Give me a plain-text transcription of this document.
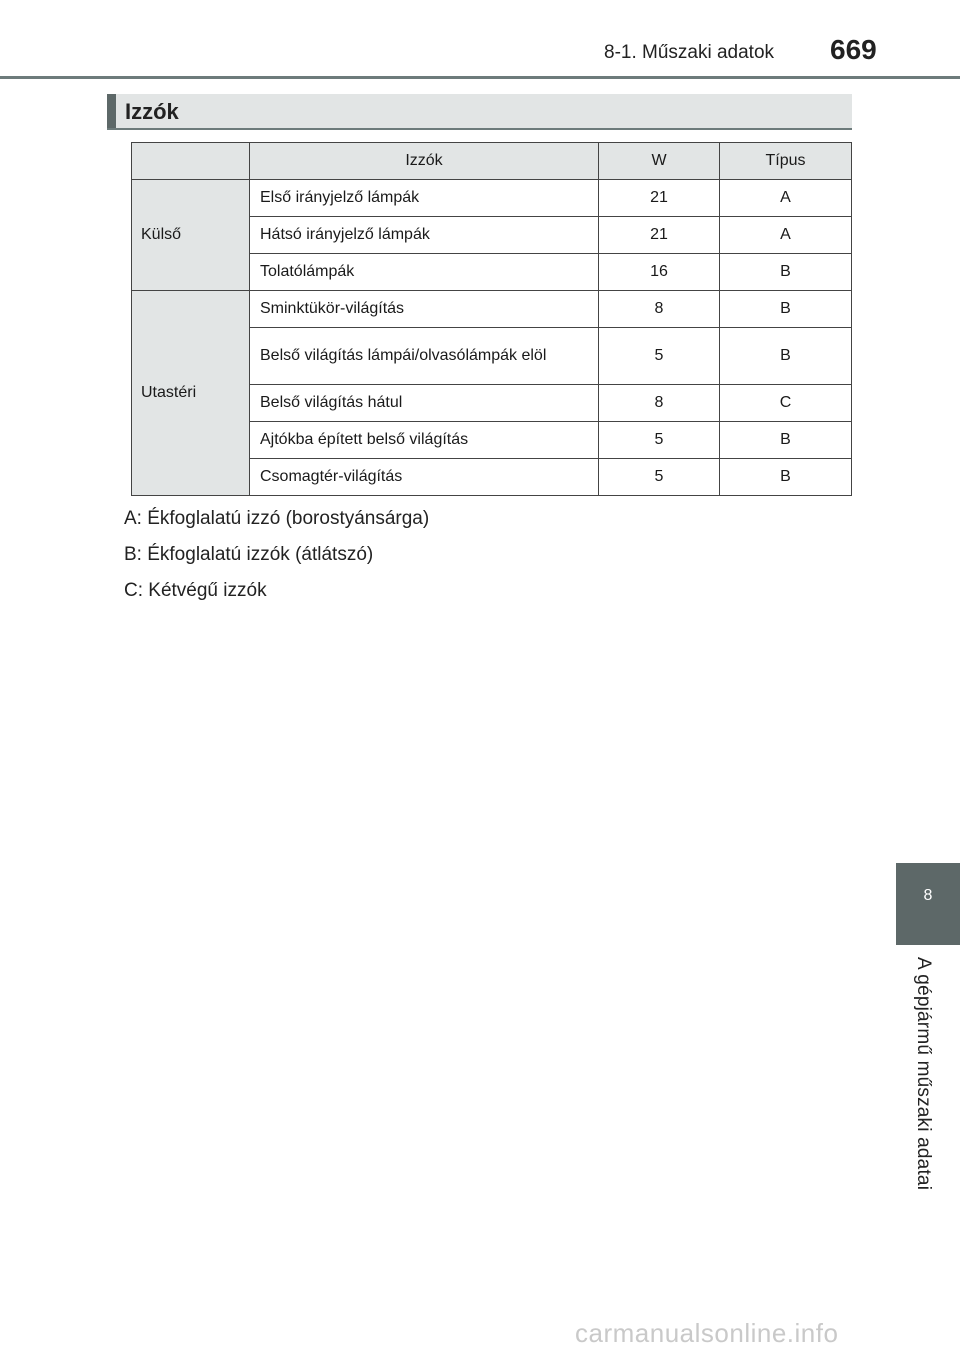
8-1. Műszaki adatok 669
Izzók
	Izzók	W	Típus
Külső	Első irányjelző lámpák	21	A
	Hátsó irányjelző lámpák	21	A
	Tolatólámpák	16	B
Utastéri	Sminktükör-világítás	8	B
	Belső világítás lámpái/olvasólámpák elöl	5	B
	Belső világítás hátul	8	C
	Ajtókba épített belső világítás	5	B
	Csomagtér-világítás	5	B
A: Ékfoglalatú izzó (borostyánsárga)
B: Ékfoglalatú izzók (átlátszó)
C: Kétvégű izzók
8
A gépjármű műszaki adatai
carmanualsonline.info
